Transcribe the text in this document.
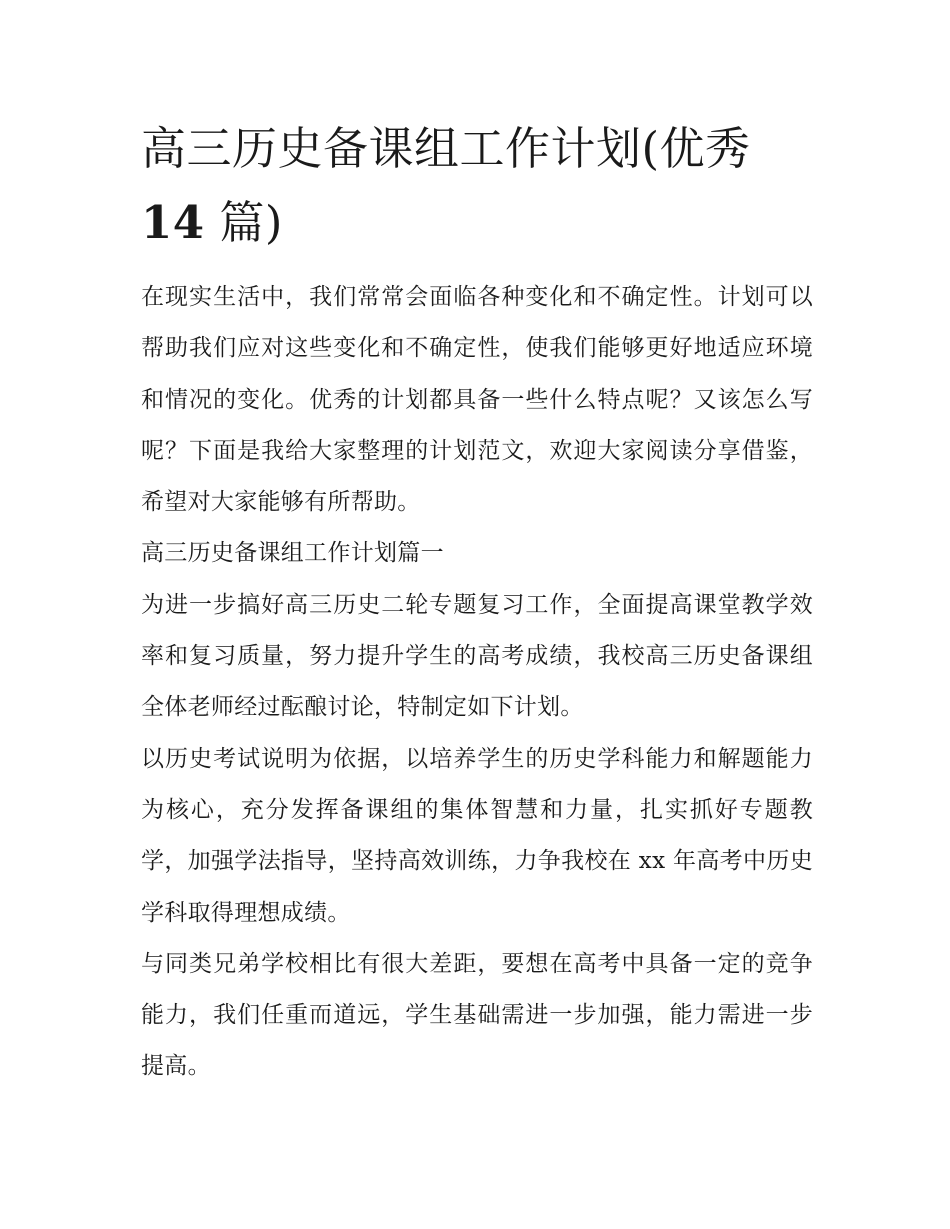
高三历史备课组工作计划(优秀
14 篇)

在现实生活中，我们常常会面临各种变化和不确定性。计划可以帮助我们应对这些变化和不确定性，使我们能够更好地适应环境和情况的变化。优秀的计划都具备一些什么特点呢？又该怎么写呢？下面是我给大家整理的计划范文，欢迎大家阅读分享借鉴，希望对大家能够有所帮助。

高三历史备课组工作计划篇一

为进一步搞好高三历史二轮专题复习工作，全面提高课堂教学效率和复习质量，努力提升学生的高考成绩，我校高三历史备课组全体老师经过酝酿讨论，特制定如下计划。

以历史考试说明为依据，以培养学生的历史学科能力和解题能力为核心，充分发挥备课组的集体智慧和力量，扎实抓好专题教学，加强学法指导，坚持高效训练，力争我校在 xx 年高考中历史学科取得理想成绩。

与同类兄弟学校相比有很大差距，要想在高考中具备一定的竞争能力，我们任重而道远，学生基础需进一步加强，能力需进一步提高。
